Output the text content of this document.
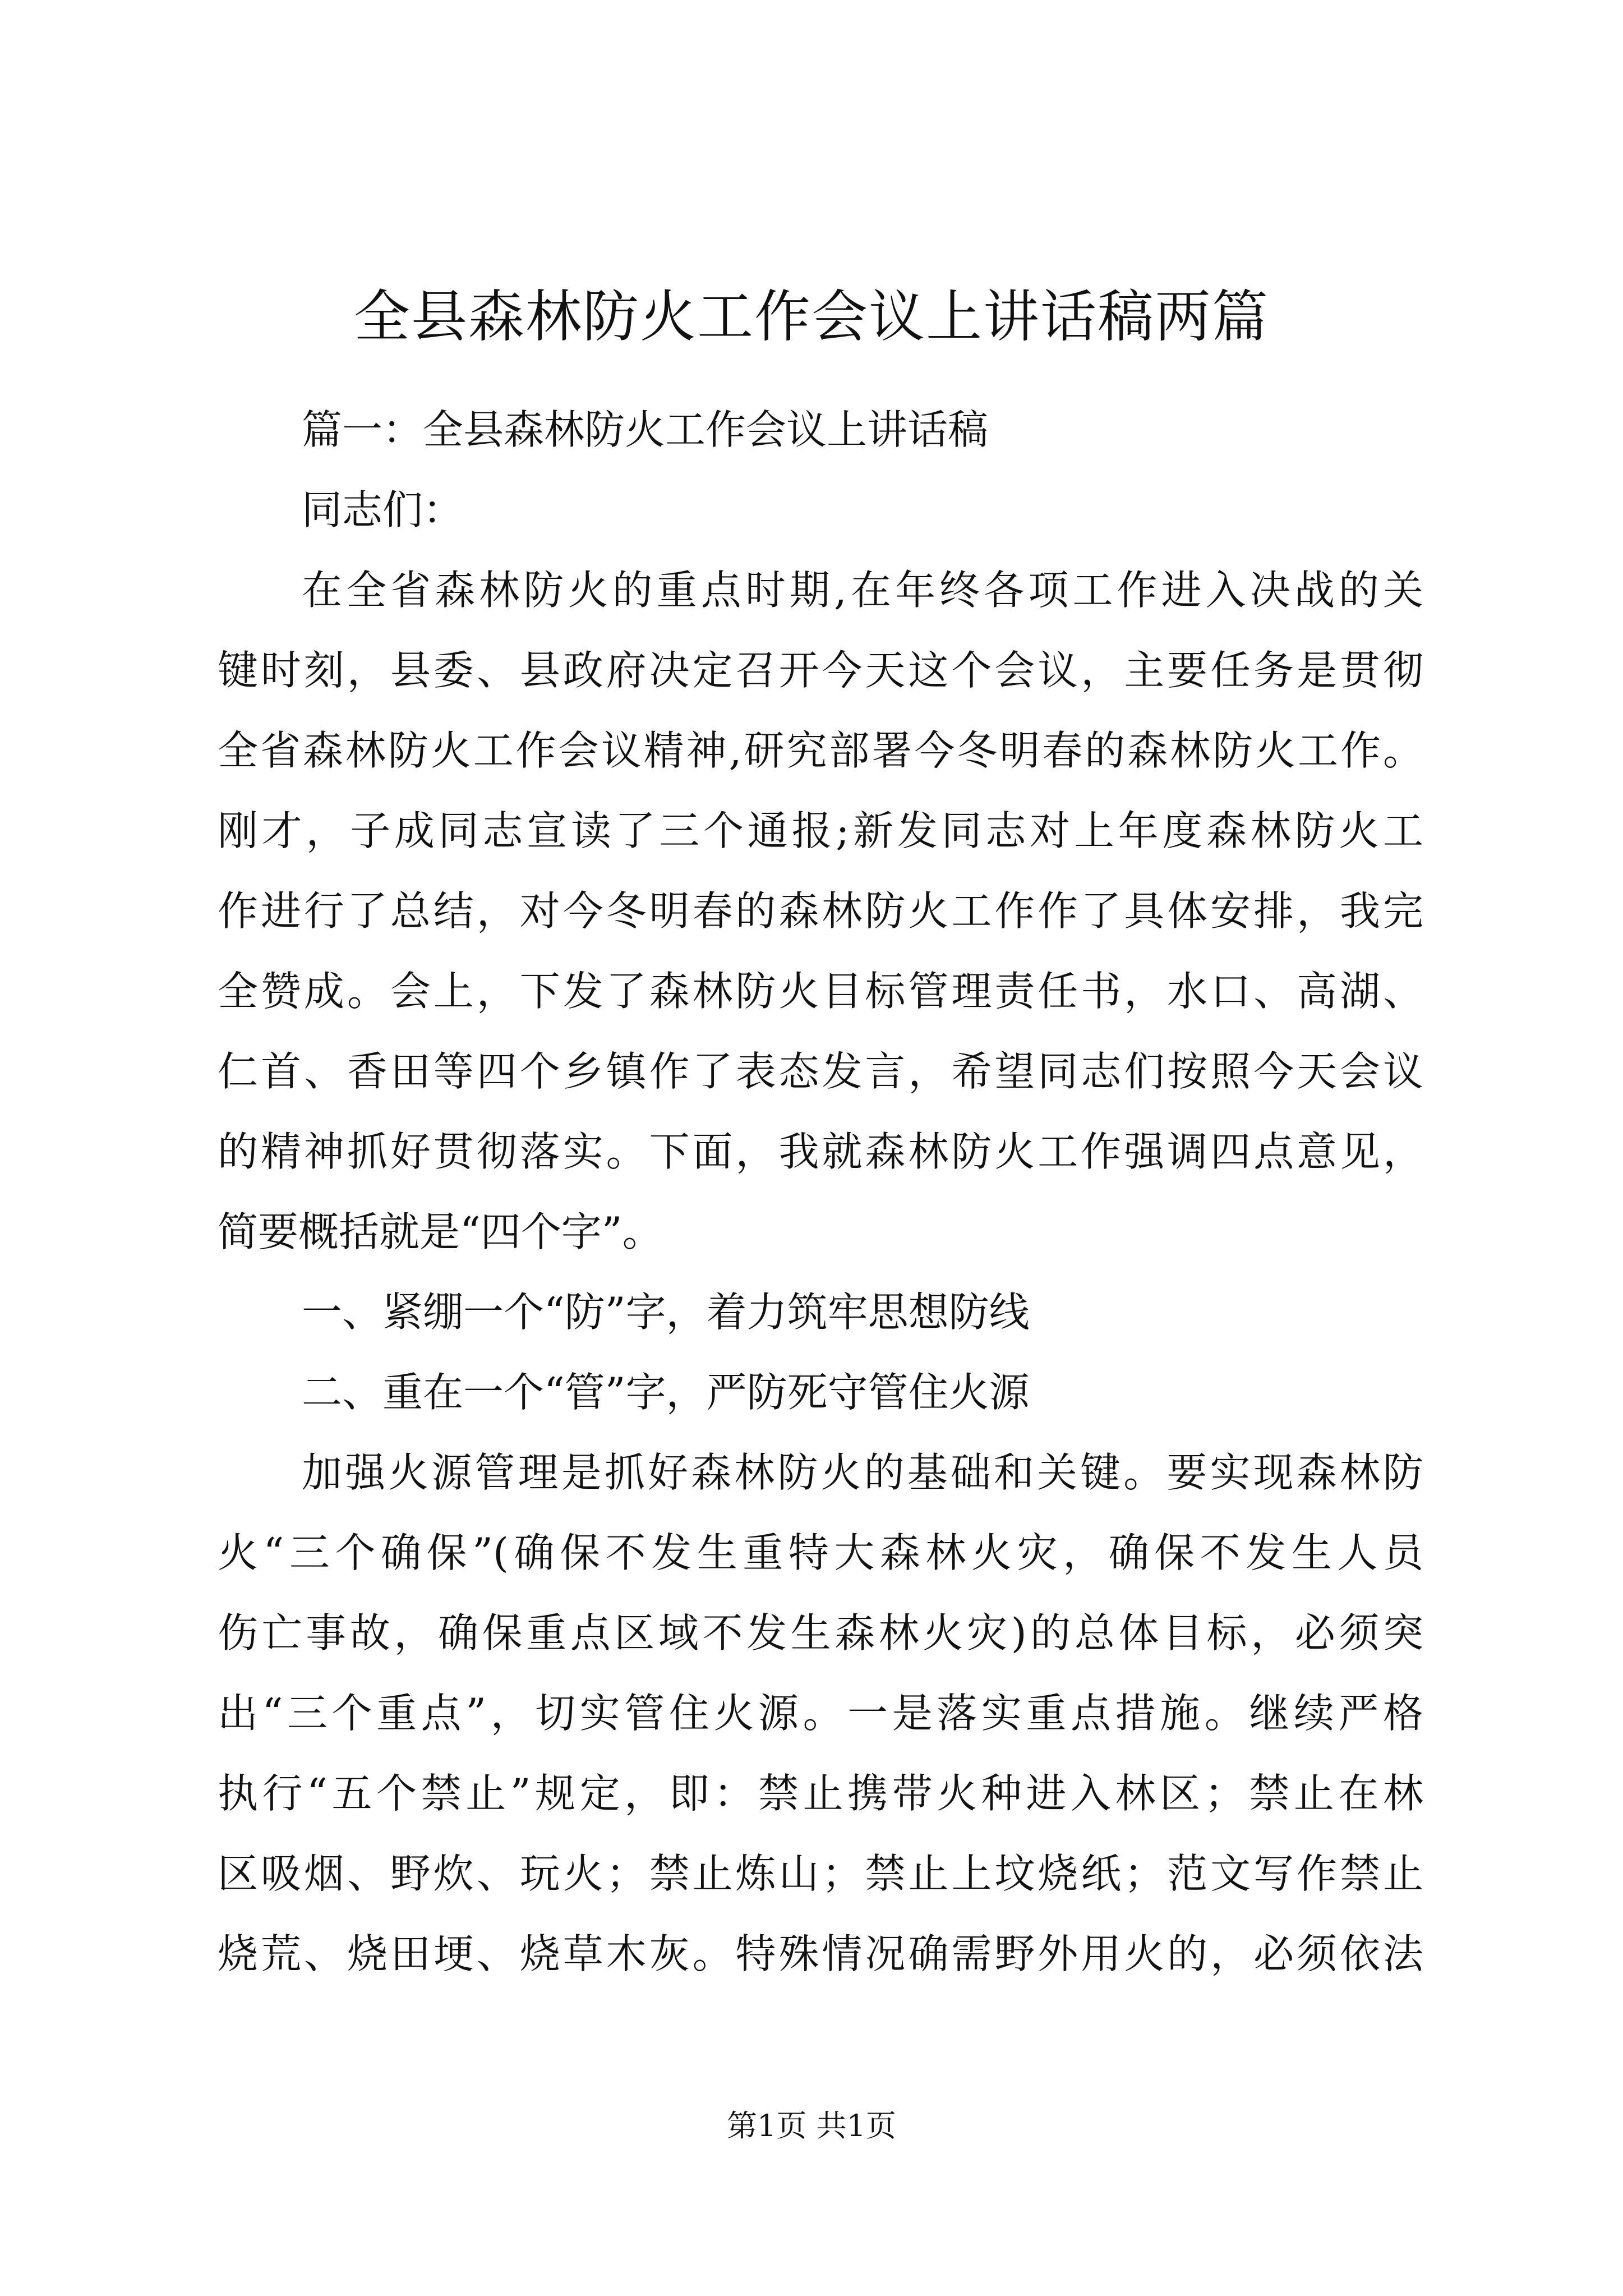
全县森林防火工作会议上讲话稿两篇
篇一：全县森林防火工作会议上讲话稿
同志们：
在全省森林防火的重点时期,在年终各项工作进入决战的关
键时刻，县委、县政府决定召开今天这个会议，主要任务是贯彻
全省森林防火工作会议精神,研究部署今冬明春的森林防火工作。
刚才，子成同志宣读了三个通报;新发同志对上年度森林防火工
作进行了总结，对今冬明春的森林防火工作作了具体安排，我完
全赞成。会上，下发了森林防火目标管理责任书，水口、高湖、
仁首、香田等四个乡镇作了表态发言，希望同志们按照今天会议
的精神抓好贯彻落实。下面，我就森林防火工作强调四点意见，
简要概括就是“四个字”。
一、紧绷一个“防”字，着力筑牢思想防线
二、重在一个“管”字，严防死守管住火源
加强火源管理是抓好森林防火的基础和关键。要实现森林防
火“三个确保”(确保不发生重特大森林火灾，确保不发生人员
伤亡事故，确保重点区域不发生森林火灾)的总体目标，必须突
出“三个重点”，切实管住火源。一是落实重点措施。继续严格
执行“五个禁止”规定，即：禁止携带火种进入林区；禁止在林
区吸烟、野炊、玩火；禁止炼山；禁止上坟烧纸；范文写作禁止
烧荒、烧田埂、烧草木灰。特殊情况确需野外用火的，必须依法
第1页 共1页
